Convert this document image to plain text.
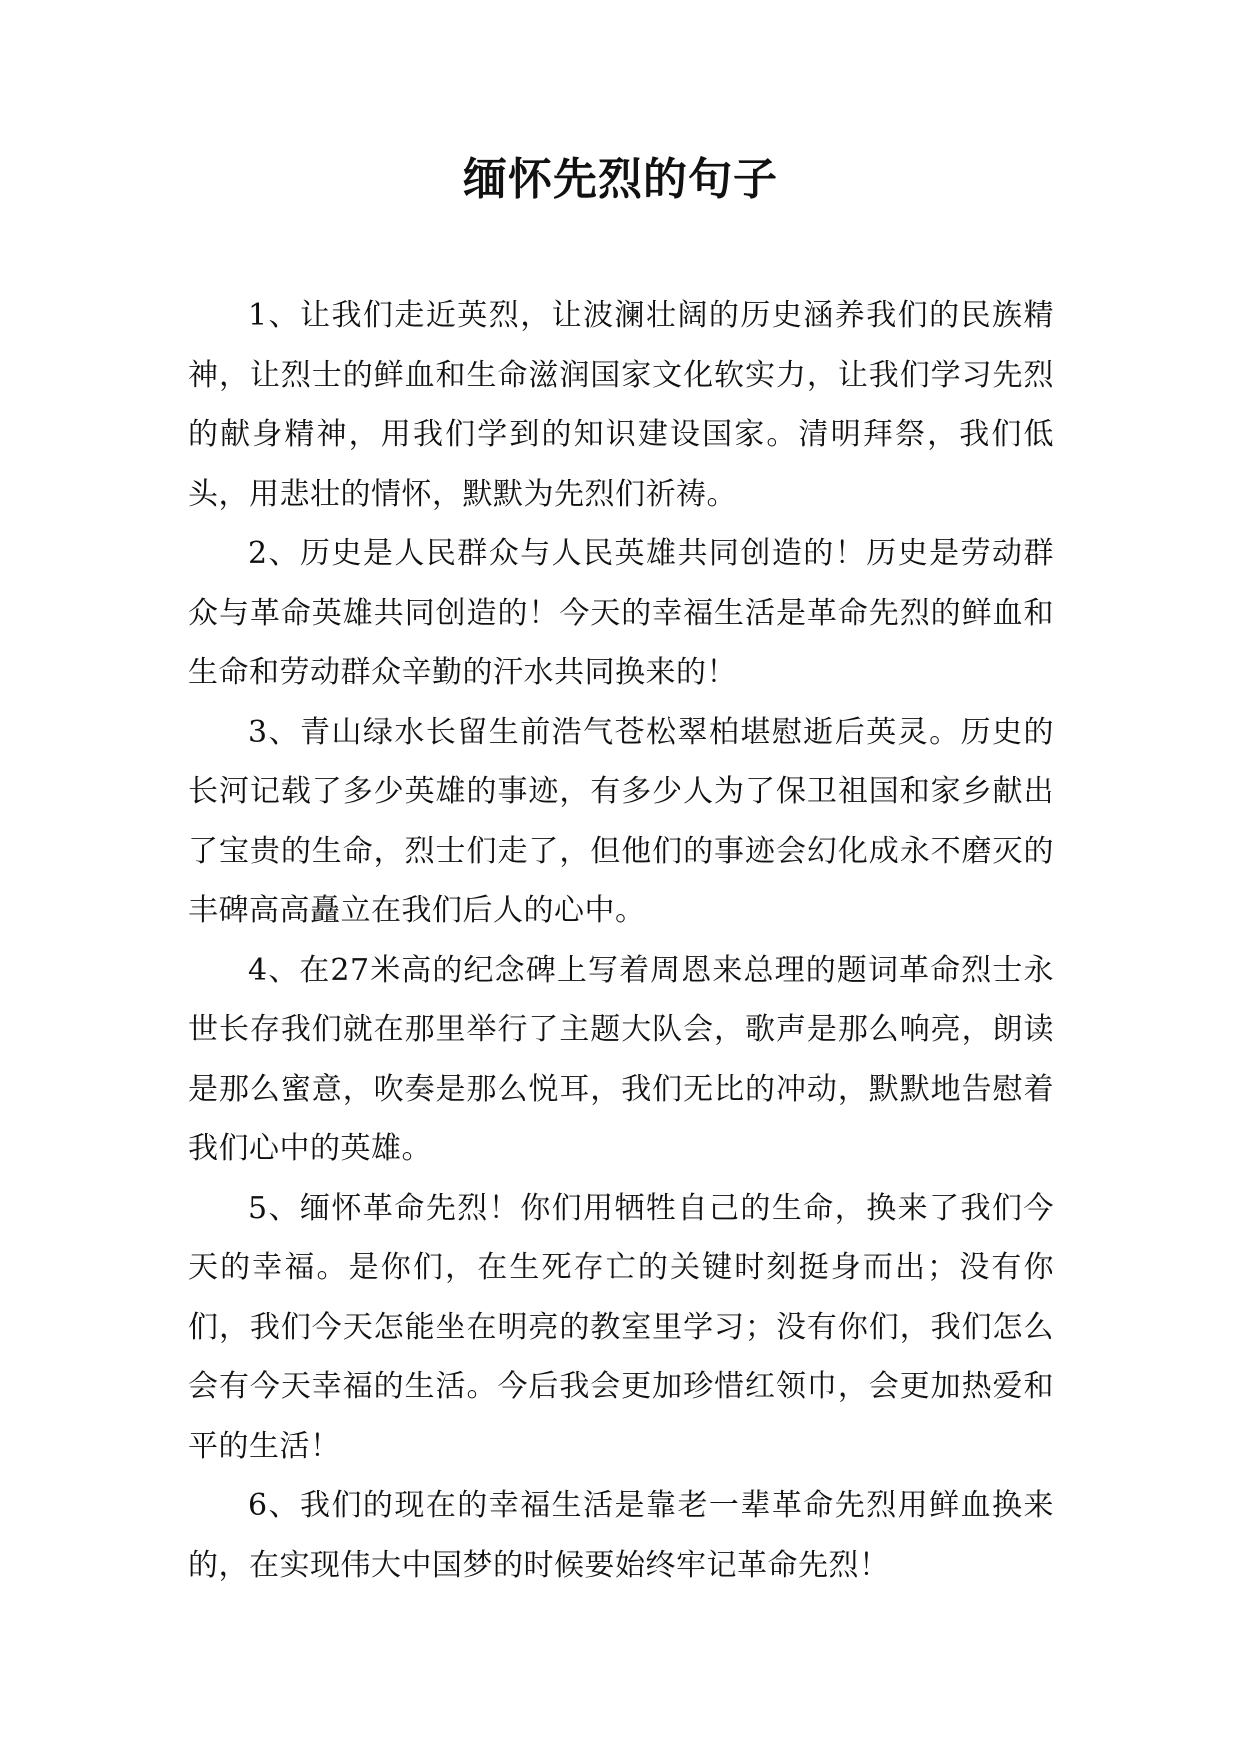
缅怀先烈的句子

1、让我们走近英烈，让波澜壮阔的历史涵养我们的民族精神，让烈士的鲜血和生命滋润国家文化软实力，让我们学习先烈的献身精神，用我们学到的知识建设国家。清明拜祭，我们低头，用悲壮的情怀，默默为先烈们祈祷。

2、历史是人民群众与人民英雄共同创造的！历史是劳动群众与革命英雄共同创造的！今天的幸福生活是革命先烈的鲜血和生命和劳动群众辛勤的汗水共同换来的！

3、青山绿水长留生前浩气苍松翠柏堪慰逝后英灵。历史的长河记载了多少英雄的事迹，有多少人为了保卫祖国和家乡献出了宝贵的生命，烈士们走了，但他们的事迹会幻化成永不磨灭的丰碑高高矗立在我们后人的心中。

4、在27米高的纪念碑上写着周恩来总理的题词革命烈士永世长存我们就在那里举行了主题大队会，歌声是那么响亮，朗读是那么蜜意，吹奏是那么悦耳，我们无比的冲动，默默地告慰着我们心中的英雄。

5、缅怀革命先烈！你们用牺牲自己的生命，换来了我们今天的幸福。是你们，在生死存亡的关键时刻挺身而出；没有你们，我们今天怎能坐在明亮的教室里学习；没有你们，我们怎么会有今天幸福的生活。今后我会更加珍惜红领巾，会更加热爱和平的生活！

6、我们的现在的幸福生活是靠老一辈革命先烈用鲜血换来的，在实现伟大中国梦的时候要始终牢记革命先烈！
